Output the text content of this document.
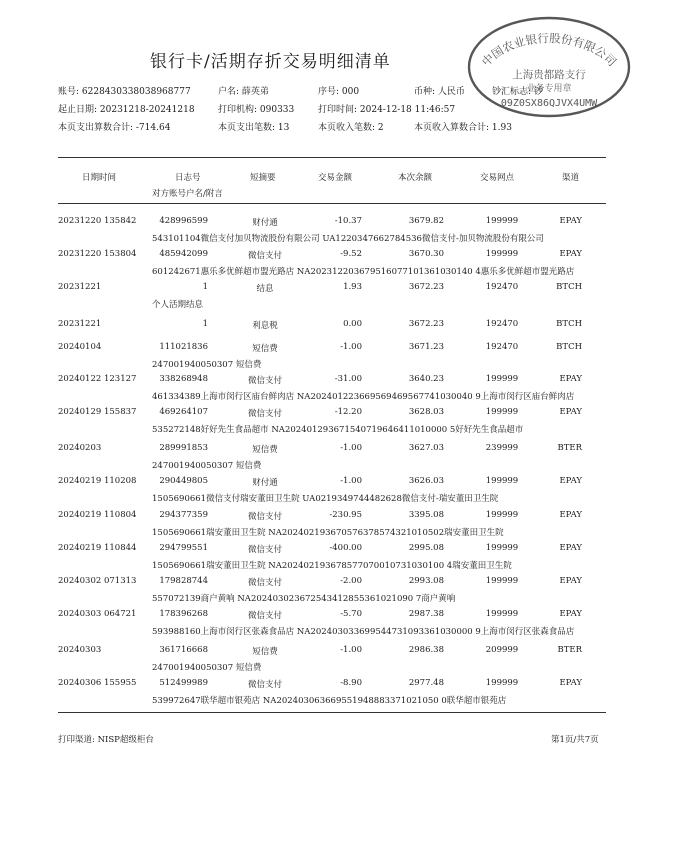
银行卡/活期存折交易明细清单
账号: 6228430338038968777	户名: 薛英弟	序号: 000	币种: 人民币	钞汇标志: 钞
起止日期: 20231218-20241218	打印机构: 090333	打印时间: 2024-12-18 11:46:57
本页支出算数合计: -714.64	本页支出笔数: 13	本页收入笔数: 2	本页收入算数合计: 1.93
中国农业银行股份有限公司
上海贵都路支行
业务专用章
09Z0SX86QJVX4UMW
日期时间	日志号	短摘要	交易金额	本次余额	交易网点	渠道
对方账号户名/附言
20231220 135842	428996599	财付通	-10.37	3679.82	199999	EPAY
543101104微信支付加贝物流股份有限公司 UA1220347662784536微信支付-加贝物流股份有限公司
20231220 153804	485942099	微信支付	-9.52	3670.30	199999	EPAY
601242671惠乐多优鲜超市盟光路店 NA202312203679516077101361030140 4惠乐多优鲜超市盟光路店
20231221	1	结息	1.93	3672.23	192470	BTCH
个人活期结息
20231221	1	利息税	0.00	3672.23	192470	BTCH
20240104	111021836	短信费	-1.00	3671.23	192470	BTCH
247001940050307 短信费
20240122 123127	338268948	微信支付	-31.00	3640.23	199999	EPAY
461334389上海市闵行区庙台鲜肉店 NA202401223669569469567741030040 9上海市闵行区庙台鲜肉店
20240129 155837	469264107	微信支付	-12.20	3628.03	199999	EPAY
535272148好好先生食品超市 NA202401293671540719646411010000 5好好先生食品超市
20240203	289991853	短信费	-1.00	3627.03	239999	BTER
247001940050307 短信费
20240219 110208	290449805	财付通	-1.00	3626.03	199999	EPAY
1505690661微信支付瑞安董田卫生院 UA0219349744482628微信支付-瑞安董田卫生院
20240219 110804	294377359	微信支付	-230.95	3395.08	199999	EPAY
1505690661瑞安董田卫生院 NA202402193670576378574321010502瑞安董田卫生院
20240219 110844	294799551	微信支付	-400.00	2995.08	199999	EPAY
1505690661瑞安董田卫生院 NA202402193678577070010731030100 4瑞安董田卫生院
20240302 071313	179828744	微信支付	-2.00	2993.08	199999	EPAY
557072139商户黄响 NA202403023672543412855361021090 7商户黄响
20240303 064721	178396268	微信支付	-5.70	2987.38	199999	EPAY
593988160上海市闵行区张森食品店 NA202403033699544731093361030000 9上海市闵行区张森食品店
20240303	361716668	短信费	-1.00	2986.38	209999	BTER
247001940050307 短信费
20240306 155955	512499989	微信支付	-8.90	2977.48	199999	EPAY
539972647联华超市银苑店 NA202403063669551948883371021050 0联华超市银苑店
打印渠道: NISP超级柜台	第1页/共7页
